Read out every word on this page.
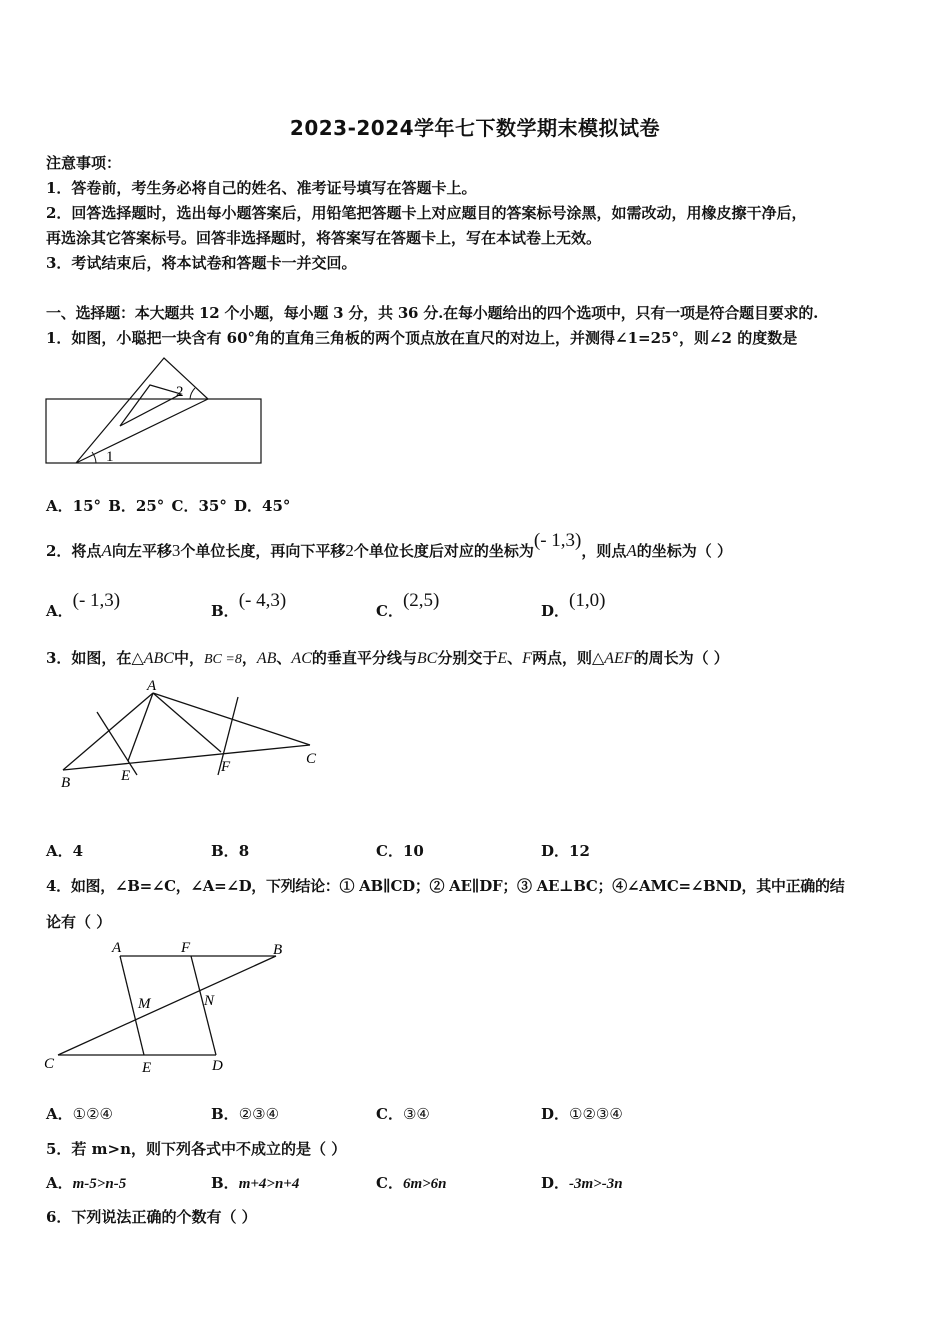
2023-2024学年七下数学期末模拟试卷
注意事项：
1．答卷前，考生务必将自己的姓名、准考证号填写在答题卡上。
2．回答选择题时，选出每小题答案后，用铅笔把答题卡上对应题目的答案标号涂黑，如需改动，用橡皮擦干净后，
再选涂其它答案标号。回答非选择题时，将答案写在答题卡上，写在本试卷上无效。
3．考试结束后，将本试卷和答题卡一并交回。
一、选择题：本大题共 12 个小题，每小题 3 分，共 36 分.在每小题给出的四个选项中，只有一项是符合题目要求的.
1．如图，小聪把一块含有 60°角的直角三角板的两个顶点放在直尺的对边上，并测得∠1=25°，则∠2 的度数是
1
2
A．15° B．25° C．35° D．45°
2．将点A向左平移3个单位长度，再向下平移2个单位长度后对应的坐标为(- 1,3)，则点A的坐标为（ ）
A．(- 1,3)	B．(- 4,3)	C．(2,5)	D．(1,0)
3．如图，在△ABC中，BC =8，AB、AC的垂直平分线与BC分别交于E、F两点，则△AEF的周长为（ ）
A
B
C
E
F
A．4	B．8	C．10	D．12
4．如图，∠B=∠C，∠A=∠D，下列结论：① AB∥CD；② AE∥DF；③ AE⊥BC；④∠AMC=∠BND，其中正确的结
论有（ ）
A	F	B
M	N
C	E	D
A．①②④	B．②③④	C．③④	D．①②③④
5．若 m>n，则下列各式中不成立的是（ ）
A．m-5>n-5	B．m+4>n+4	C．6m>6n	D．-3m>-3n
6．下列说法正确的个数有（ ）
